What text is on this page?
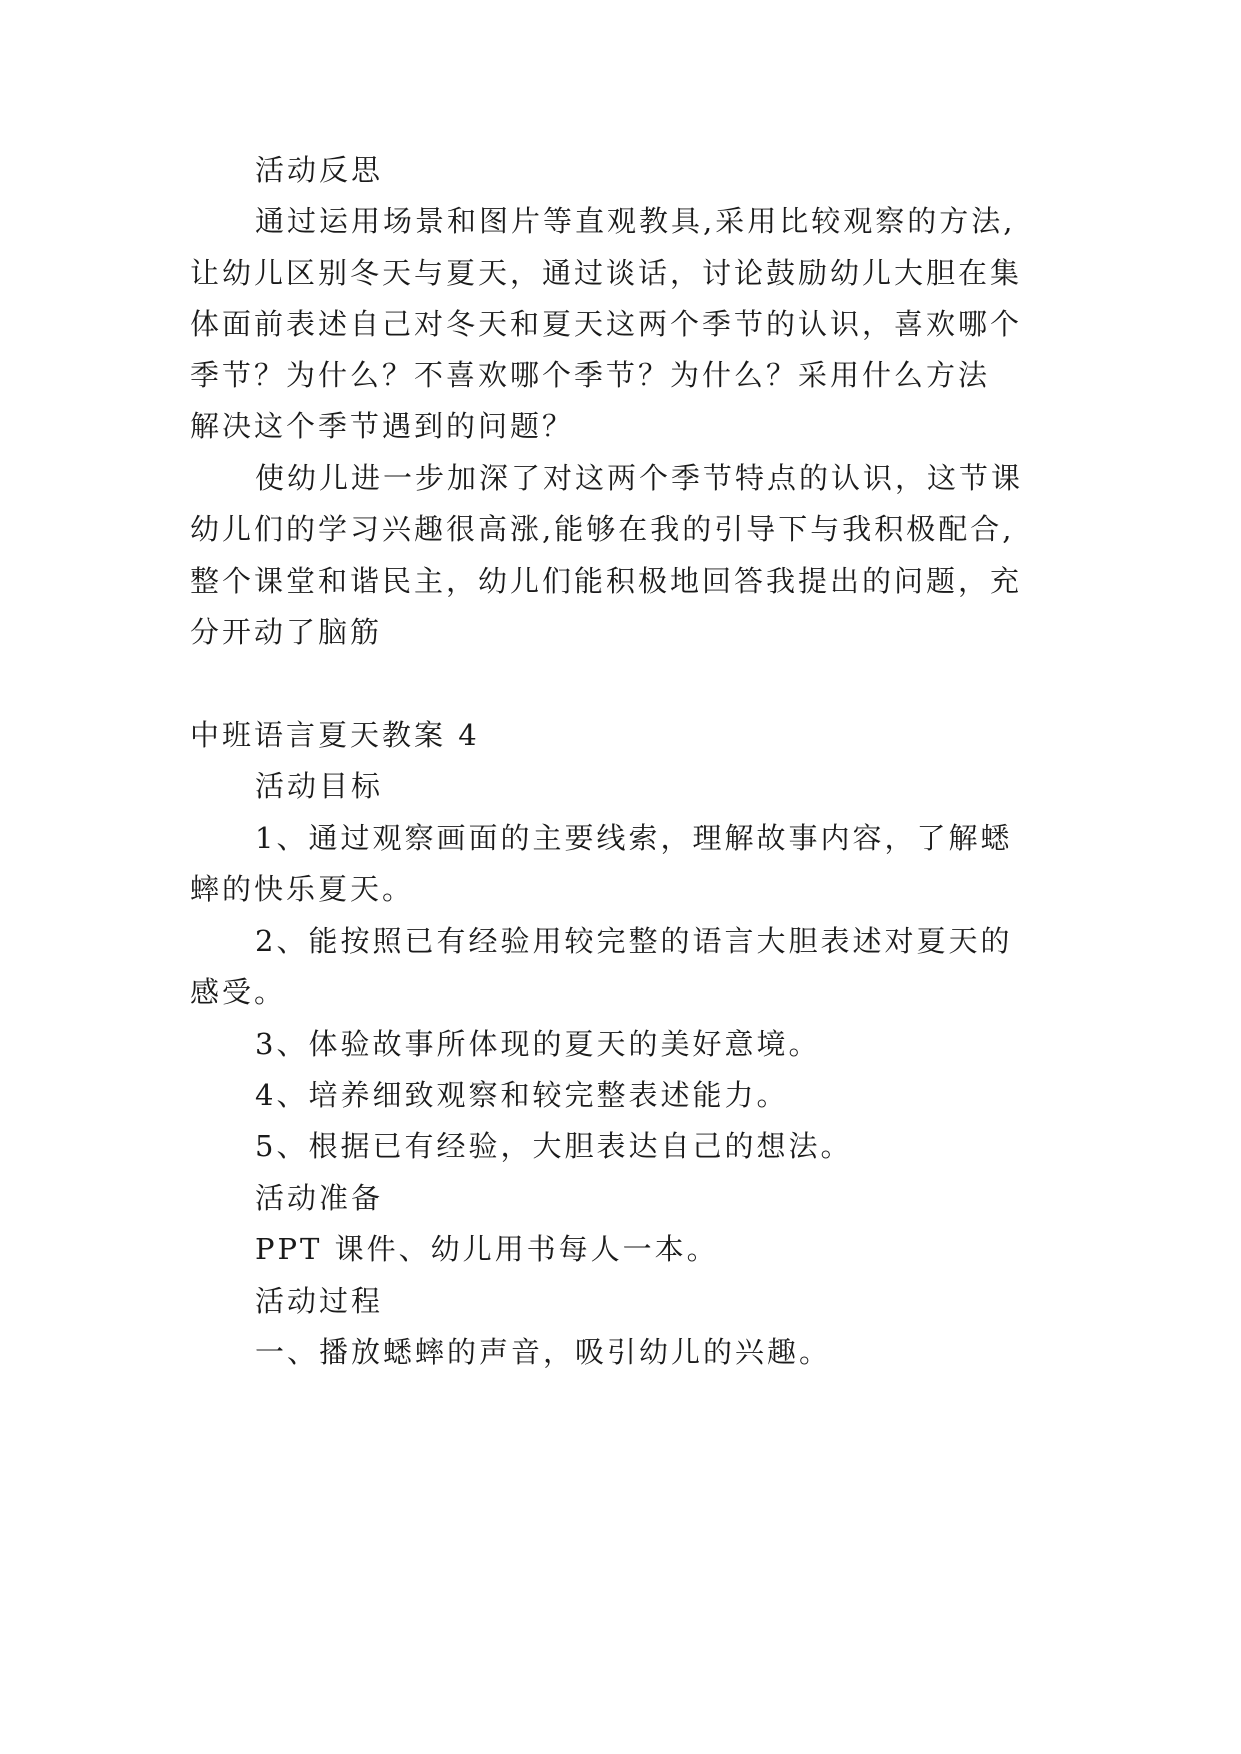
活动反思

通过运用场景和图片等直观教具,采用比较观察的方法,

让幼儿区别冬天与夏天，通过谈话，讨论鼓励幼儿大胆在集

体面前表述自己对冬天和夏天这两个季节的认识，喜欢哪个

季节？为什么？不喜欢哪个季节？为什么？采用什么方法

解决这个季节遇到的问题？

使幼儿进一步加深了对这两个季节特点的认识，这节课

幼儿们的学习兴趣很高涨,能够在我的引导下与我积极配合,

整个课堂和谐民主，幼儿们能积极地回答我提出的问题，充

分开动了脑筋

中班语言夏天教案 4

活动目标

1、通过观察画面的主要线索，理解故事内容，了解蟋

蟀的快乐夏天。

2、能按照已有经验用较完整的语言大胆表述对夏天的

感受。

3、体验故事所体现的夏天的美好意境。

4、培养细致观察和较完整表述能力。

5、根据已有经验，大胆表达自己的想法。

活动准备

PPT 课件、幼儿用书每人一本。

活动过程

一、播放蟋蟀的声音，吸引幼儿的兴趣。
